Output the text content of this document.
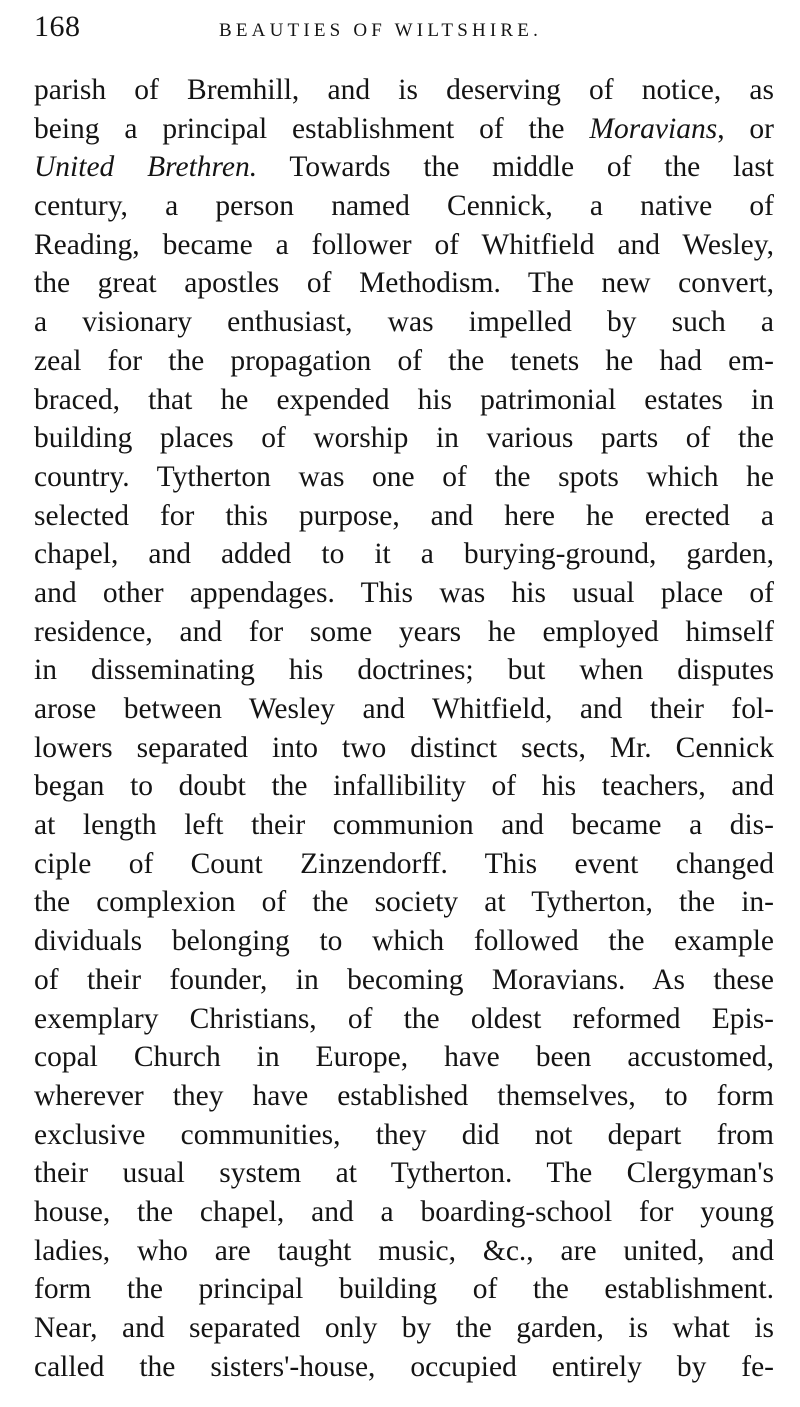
168	BEAUTIES OF WILTSHIRE.
parish of Bremhill, and is deserving of notice, as
being a principal establishment of the Moravians, or
United Brethren. Towards the middle of the last
century, a person named Cennick, a native of
Reading, became a follower of Whitfield and Wesley,
the great apostles of Methodism. The new convert,
a visionary enthusiast, was impelled by such a
zeal for the propagation of the tenets he had em-
braced, that he expended his patrimonial estates in
building places of worship in various parts of the
country. Tytherton was one of the spots which he
selected for this purpose, and here he erected a
chapel, and added to it a burying-ground, garden,
and other appendages. This was his usual place of
residence, and for some years he employed himself
in disseminating his doctrines; but when disputes
arose between Wesley and Whitfield, and their fol-
lowers separated into two distinct sects, Mr. Cennick
began to doubt the infallibility of his teachers, and
at length left their communion and became a dis-
ciple of Count Zinzendorff. This event changed
the complexion of the society at Tytherton, the in-
dividuals belonging to which followed the example
of their founder, in becoming Moravians. As these
exemplary Christians, of the oldest reformed Epis-
copal Church in Europe, have been accustomed,
wherever they have established themselves, to form
exclusive communities, they did not depart from
their usual system at Tytherton. The Clergyman's
house, the chapel, and a boarding-school for young
ladies, who are taught music, &c., are united, and
form the principal building of the establishment.
Near, and separated only by the garden, is what is
called the sisters'-house, occupied entirely by fe-
